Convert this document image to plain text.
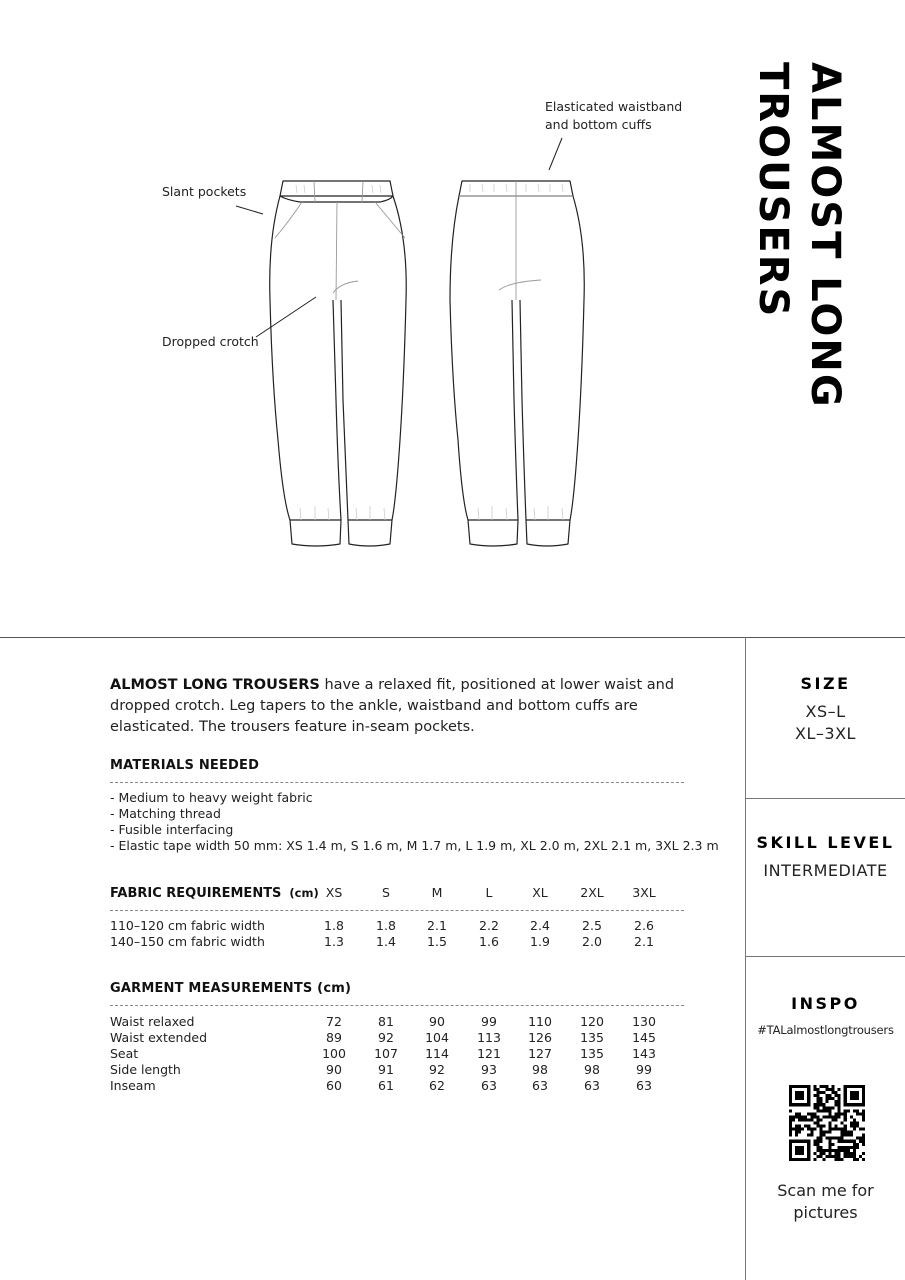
Elasticated waistband
and bottom cuffs
Slant pockets
Dropped crotch	ALMOST LONG
TROUSERS
ALMOST LONG TROUSERS have a relaxed fit, positioned at lower waist and dropped crotch. Leg tapers to the ankle, waistband and bottom cuffs are elasticated. The trousers feature in-seam pockets.
MATERIALS NEEDED
- Medium to heavy weight fabric
- Matching thread
- Fusible interfacing
- Elastic tape width 50 mm: XS 1.4 m, S 1.6 m, M 1.7 m, L 1.9 m, XL 2.0 m, 2XL 2.1 m, 3XL 2.3 m
FABRIC REQUIREMENTS (cm) XS	S	M	L	XL	2XL	3XL
110–120 cm fabric width	1.8	1.8	2.1	2.2	2.4	2.5	2.6
140–150 cm fabric width	1.3	1.4	1.5	1.6	1.9	2.0	2.1
GARMENT MEASUREMENTS (cm)
Waist relaxed	72	81	90	99	110	120	130
Waist extended	89	92	104	113	126	135	145
Seat	100	107	114	121	127	135	143
Side length	90	91	92	93	98	98	99
Inseam	60	61	62	63	63	63	63
SIZE
XS–L
XL–3XL
SKILL LEVEL
INTERMEDIATE
INSPO
#TALalmostlongtrousers
Scan me for
pictures
